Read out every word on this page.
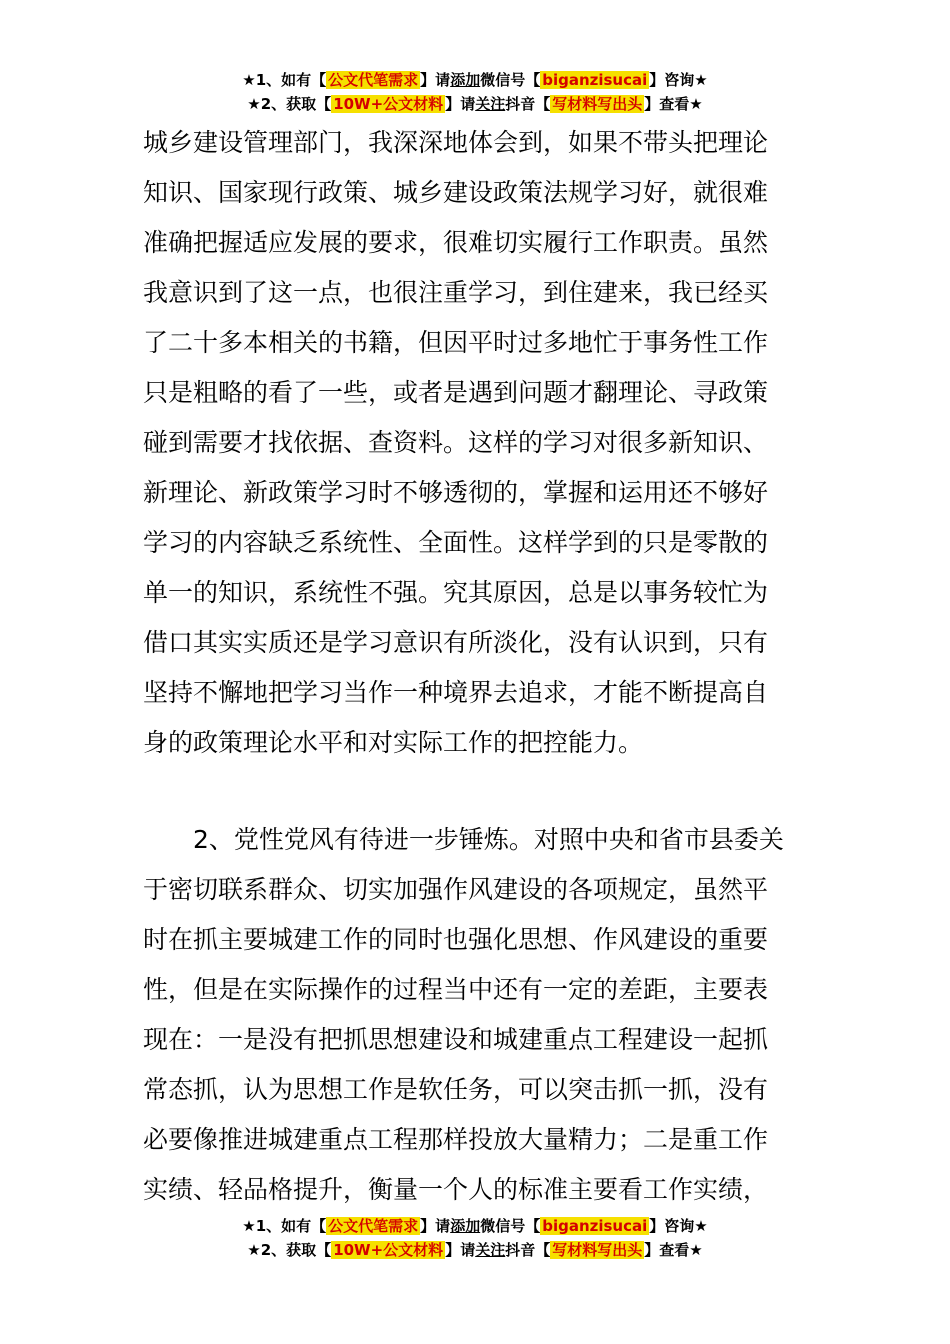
★1、如有【 公文代笔需求 】请添加微信号【 biganzisucai 】咨询★
★2、获取【 10W+公文材料 】请关注抖音【 写材料写出头 】查看★
城乡建设管理部门，我深深地体会到，如果不带头把理论
知识、国家现行政策、城乡建设政策法规学习好，就很难
准确把握适应发展的要求，很难切实履行工作职责。虽然
我意识到了这一点，也很注重学习，到住建来，我已经买
了二十多本相关的书籍，但因平时过多地忙于事务性工作
只是粗略的看了一些，或者是遇到问题才翻理论、寻政策
碰到需要才找依据、查资料。这样的学习对很多新知识、
新理论、新政策学习时不够透彻的，掌握和运用还不够好
学习的内容缺乏系统性、全面性。这样学到的只是零散的
单一的知识，系统性不强。究其原因，总是以事务较忙为
借口其实实质还是学习意识有所淡化，没有认识到，只有
坚持不懈地把学习当作一种境界去追求，才能不断提高自
身的政策理论水平和对实际工作的把控能力。
　　2、党性党风有待进一步锤炼。对照中央和省市县委关
于密切联系群众、切实加强作风建设的各项规定，虽然平
时在抓主要城建工作的同时也强化思想、作风建设的重要
性，但是在实际操作的过程当中还有一定的差距，主要表
现在：一是没有把抓思想建设和城建重点工程建设一起抓
常态抓，认为思想工作是软任务，可以突击抓一抓，没有
必要像推进城建重点工程那样投放大量精力；二是重工作
实绩、轻品格提升，衡量一个人的标准主要看工作实绩，
★1、如有【 公文代笔需求 】请添加微信号【 biganzisucai 】咨询★
★2、获取【 10W+公文材料 】请关注抖音【 写材料写出头 】查看★
